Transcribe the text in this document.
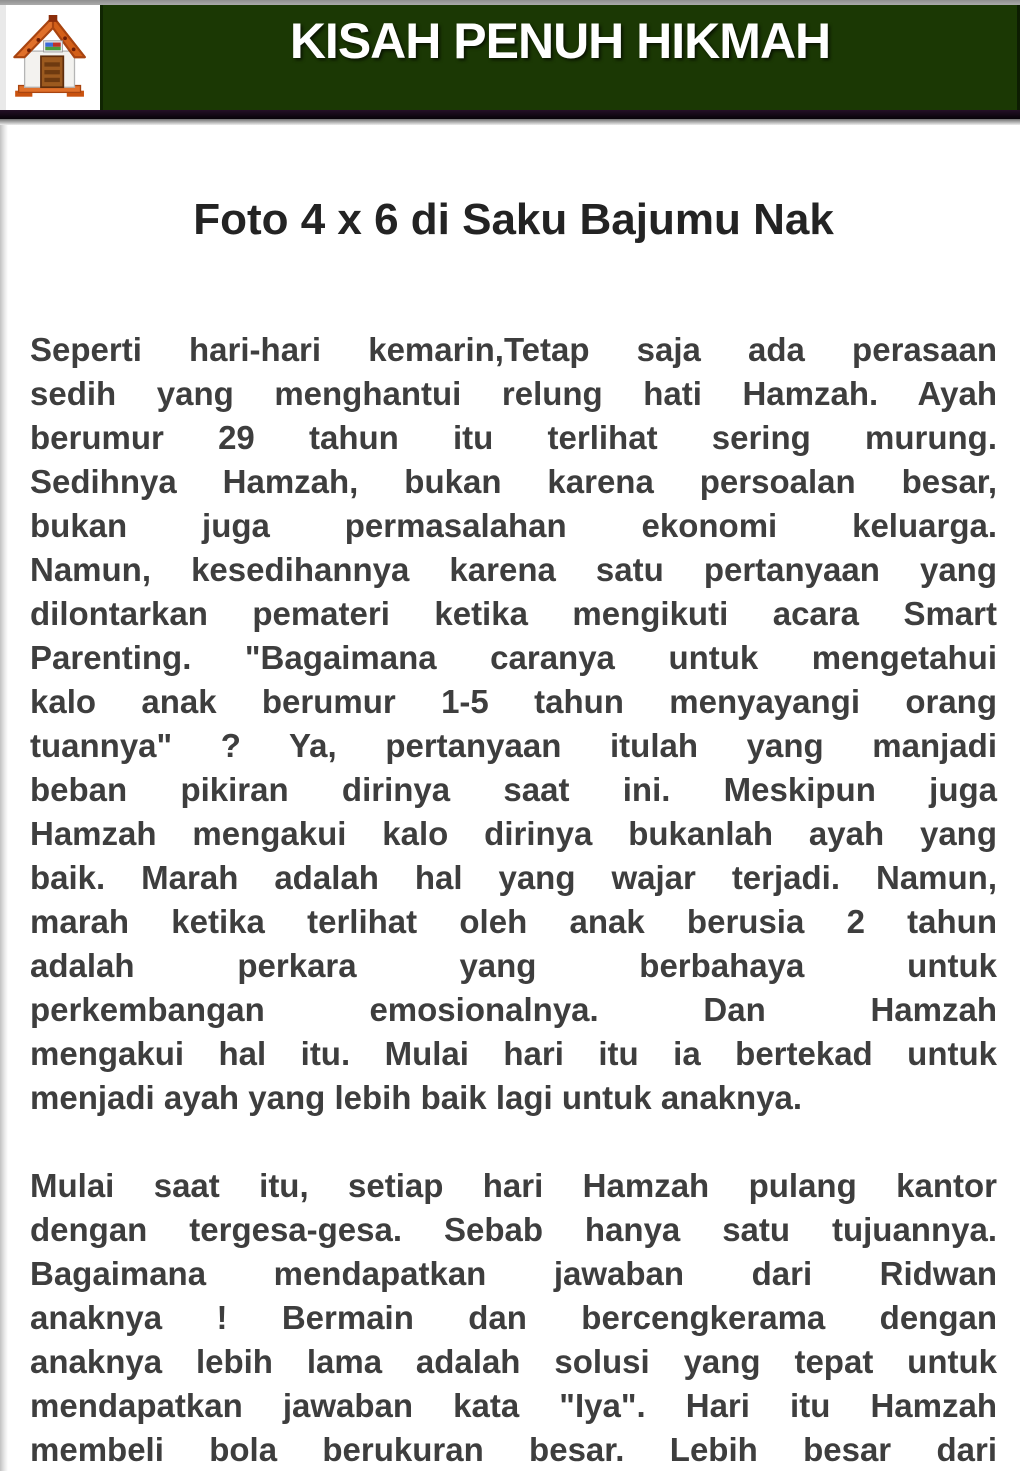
KISAH PENUH HIKMAH
Foto 4 x 6 di Saku Bajumu Nak
Seperti hari-hari kemarin,Tetap saja ada perasaan
sedih yang menghantui relung hati Hamzah. Ayah
berumur 29 tahun itu terlihat sering murung.
Sedihnya Hamzah, bukan karena persoalan besar,
bukan juga permasalahan ekonomi keluarga.
Namun, kesedihannya karena satu pertanyaan yang
dilontarkan pemateri ketika mengikuti acara Smart
Parenting. "Bagaimana caranya untuk mengetahui
kalo anak berumur 1-5 tahun menyayangi orang
tuannya" ? Ya, pertanyaan itulah yang manjadi
beban pikiran dirinya saat ini. Meskipun juga
Hamzah mengakui kalo dirinya bukanlah ayah yang
baik. Marah adalah hal yang wajar terjadi. Namun,
marah ketika terlihat oleh anak berusia 2 tahun
adalah perkara yang berbahaya untuk
perkembangan emosionalnya. Dan Hamzah
mengakui hal itu. Mulai hari itu ia bertekad untuk
menjadi ayah yang lebih baik lagi untuk anaknya.
Mulai saat itu, setiap hari Hamzah pulang kantor
dengan tergesa-gesa. Sebab hanya satu tujuannya.
Bagaimana mendapatkan jawaban dari Ridwan
anaknya ! Bermain dan bercengkerama dengan
anaknya lebih lama adalah solusi yang tepat untuk
mendapatkan jawaban kata "Iya". Hari itu Hamzah
membeli bola berukuran besar. Lebih besar dari
